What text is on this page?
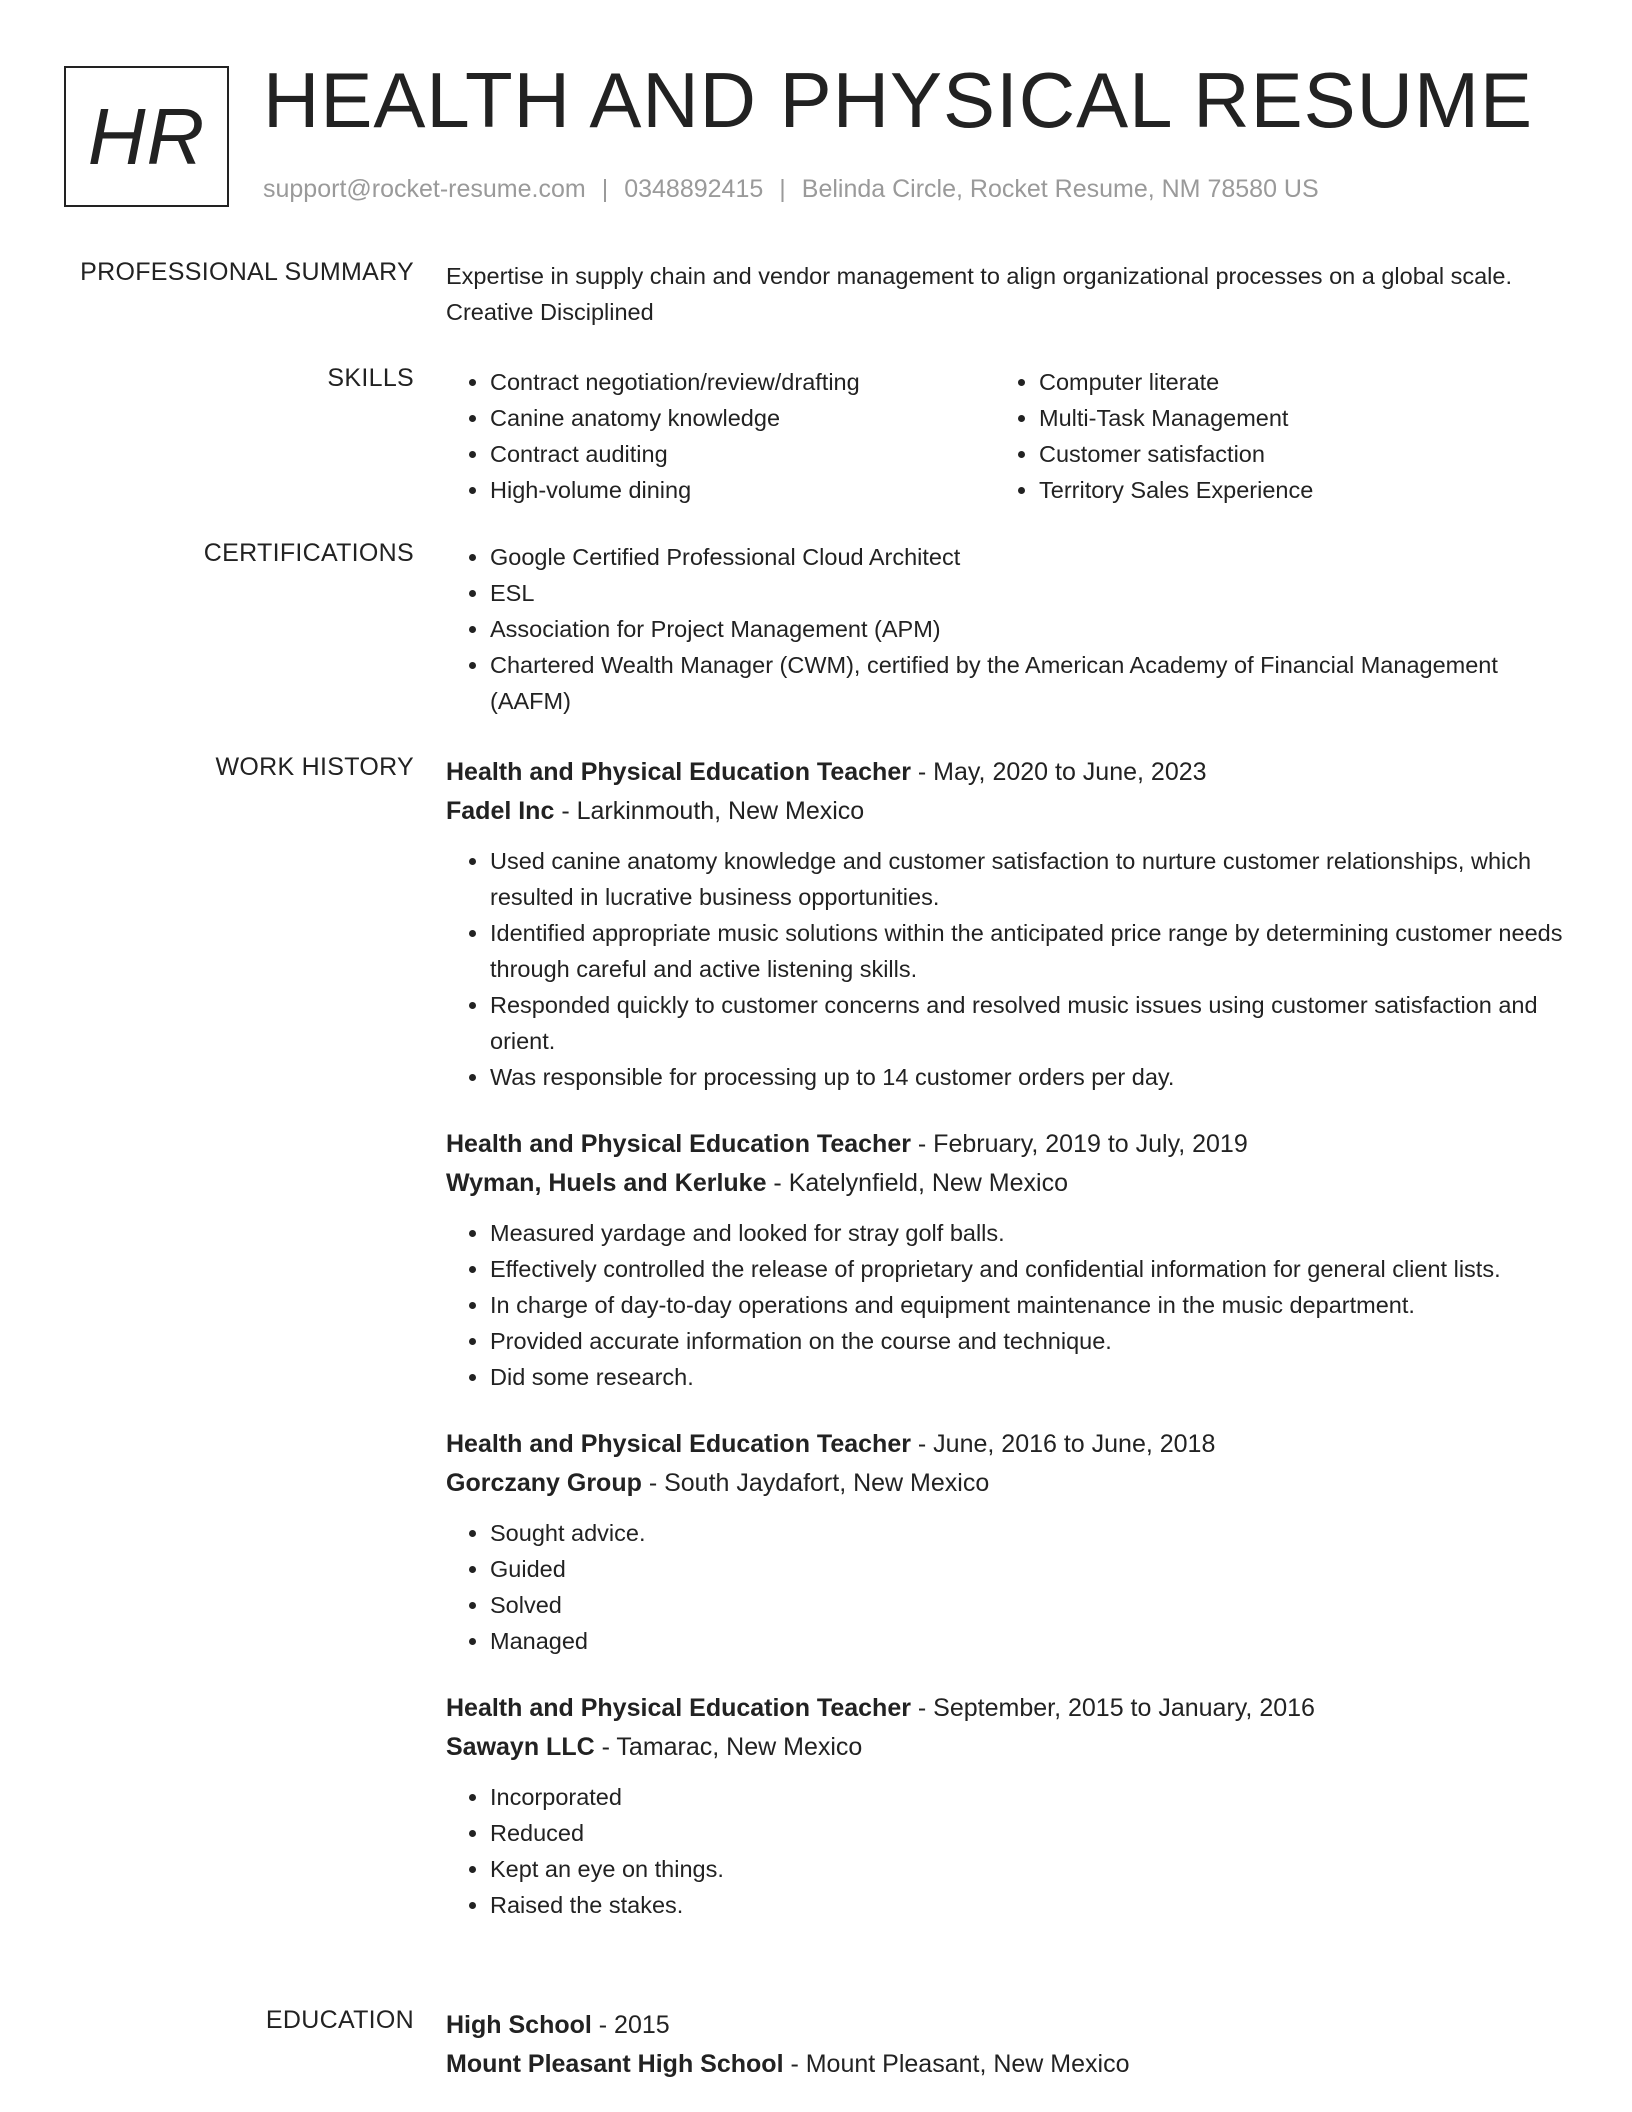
HR HEALTH AND PHYSICAL RESUME
support@rocket-resume.com | 0348892415 | Belinda Circle, Rocket Resume, NM 78580 US
PROFESSIONAL SUMMARY Expertise in supply chain and vendor management to align organizational processes on a global scale. Creative Disciplined

SKILLS	• Contract negotiation/review/drafting
• Canine anatomy knowledge
• Contract auditing
• High-volume dining
• Computer literate
• Multi-Task Management
• Customer satisfaction
• Territory Sales Experience
CERTIFICATIONS	• Google Certified Professional Cloud Architect
• ESL
• Association for Project Management (APM)
• Chartered Wealth Manager (CWM), certified by the American Academy of Financial Management (AAFM)
WORK HISTORY Health and Physical Education Teacher - May, 2020 to June, 2023
Fadel Inc - Larkinmouth, New Mexico
• Used canine anatomy knowledge and customer satisfaction to nurture customer relationships, which resulted in lucrative business opportunities.
• Identified appropriate music solutions within the anticipated price range by determining customer needs through careful and active listening skills.
• Responded quickly to customer concerns and resolved music issues using customer satisfaction and orient.
• Was responsible for processing up to 14 customer orders per day.
Health and Physical Education Teacher - February, 2019 to July, 2019
Wyman, Huels and Kerluke - Katelynfield, New Mexico
• Measured yardage and looked for stray golf balls.
• Effectively controlled the release of proprietary and confidential information for general client lists.
• In charge of day-to-day operations and equipment maintenance in the music department.
• Provided accurate information on the course and technique.
• Did some research.
Health and Physical Education Teacher - June, 2016 to June, 2018
Gorczany Group - South Jaydafort, New Mexico
• Sought advice.
• Guided
• Solved
• Managed
Health and Physical Education Teacher - September, 2015 to January, 2016
Sawayn LLC - Tamarac, New Mexico
• Incorporated
• Reduced
• Kept an eye on things.
• Raised the stakes.
EDUCATION High School - 2015
Mount Pleasant High School - Mount Pleasant, New Mexico
